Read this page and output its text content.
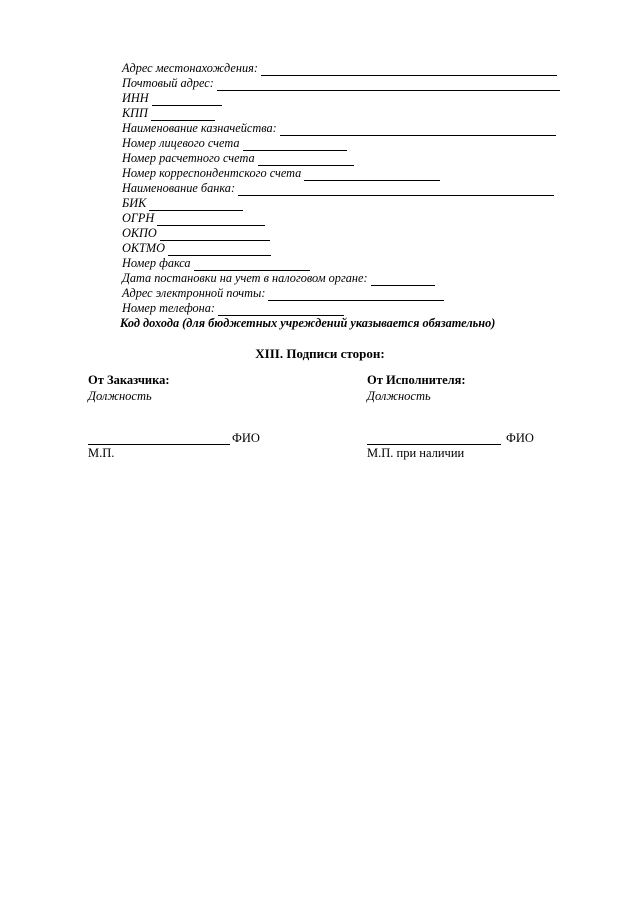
Адрес местонахождения:
Почтовый адрес:
ИНН
КПП
Наименование казначейства:
Номер лицевого счета
Номер расчетного счета
Номер корреспондентского счета
Наименование банка:
БИК
ОГРН
ОКПО
ОКТМО
Номер факса
Дата постановки на учет в налоговом органе:
Адрес электронной почты:
Номер телефона:
Код дохода (для бюджетных учреждений указывается обязательно)
XIII. Подписи сторон:
От Заказчика:
Должность
От Исполнителя:
Должность
ФИО	ФИО
М.П.	М.П. при наличии
